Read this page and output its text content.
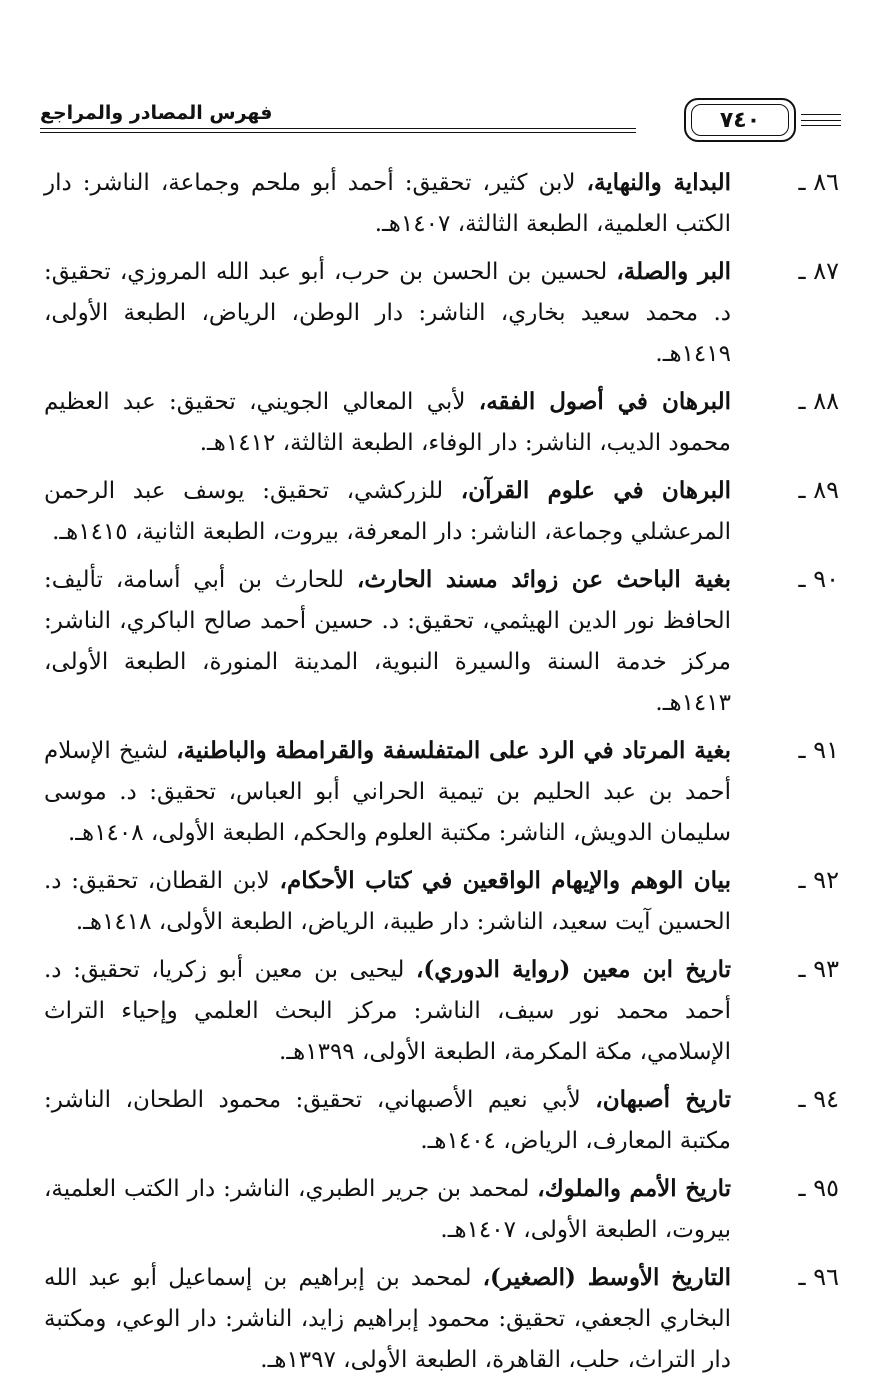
فهرس المصادر والمراجع	٧٤٠
٨٦ ـ
البداية والنهاية، لابن كثير، تحقيق: أحمد أبو ملحم وجماعة، الناشر: دار الكتب العلمية، الطبعة الثالثة، ١٤٠٧هـ.
٨٧ ـ
البر والصلة، لحسين بن الحسن بن حرب، أبو عبد الله المروزي، تحقيق: د. محمد سعيد بخاري، الناشر: دار الوطن، الرياض، الطبعة الأولى، ١٤١٩هـ.
٨٨ ـ
البرهان في أصول الفقه، لأبي المعالي الجويني، تحقيق: عبد العظيم محمود الديب، الناشر: دار الوفاء، الطبعة الثالثة، ١٤١٢هـ.
٨٩ ـ
البرهان في علوم القرآن، للزركشي، تحقيق: يوسف عبد الرحمن المرعشلي وجماعة، الناشر: دار المعرفة، بيروت، الطبعة الثانية، ١٤١٥هـ.
٩٠ ـ
بغية الباحث عن زوائد مسند الحارث، للحارث بن أبي أسامة، تأليف: الحافظ نور الدين الهيثمي، تحقيق: د. حسين أحمد صالح الباكري، الناشر: مركز خدمة السنة والسيرة النبوية، المدينة المنورة، الطبعة الأولى، ١٤١٣هـ.
٩١ ـ
بغية المرتاد في الرد على المتفلسفة والقرامطة والباطنية، لشيخ الإسلام أحمد بن عبد الحليم بن تيمية الحراني أبو العباس، تحقيق: د. موسى سليمان الدويش، الناشر: مكتبة العلوم والحكم، الطبعة الأولى، ١٤٠٨هـ.
٩٢ ـ
بيان الوهم والإيهام الواقعين في كتاب الأحكام، لابن القطان، تحقيق: د. الحسين آيت سعيد، الناشر: دار طيبة، الرياض، الطبعة الأولى، ١٤١٨هـ.
٩٣ ـ
تاريخ ابن معين (رواية الدوري)، ليحيى بن معين أبو زكريا، تحقيق: د. أحمد محمد نور سيف، الناشر: مركز البحث العلمي وإحياء التراث الإسلامي، مكة المكرمة، الطبعة الأولى، ١٣٩٩هـ.
٩٤ ـ
تاريخ أصبهان، لأبي نعيم الأصبهاني، تحقيق: محمود الطحان، الناشر: مكتبة المعارف، الرياض، ١٤٠٤هـ.
٩٥ ـ
تاريخ الأمم والملوك، لمحمد بن جرير الطبري، الناشر: دار الكتب العلمية، بيروت، الطبعة الأولى، ١٤٠٧هـ.
٩٦ ـ
التاريخ الأوسط (الصغير)، لمحمد بن إبراهيم بن إسماعيل أبو عبد الله البخاري الجعفي، تحقيق: محمود إبراهيم زايد، الناشر: دار الوعي، ومكتبة دار التراث، حلب، القاهرة، الطبعة الأولى، ١٣٩٧هـ.
